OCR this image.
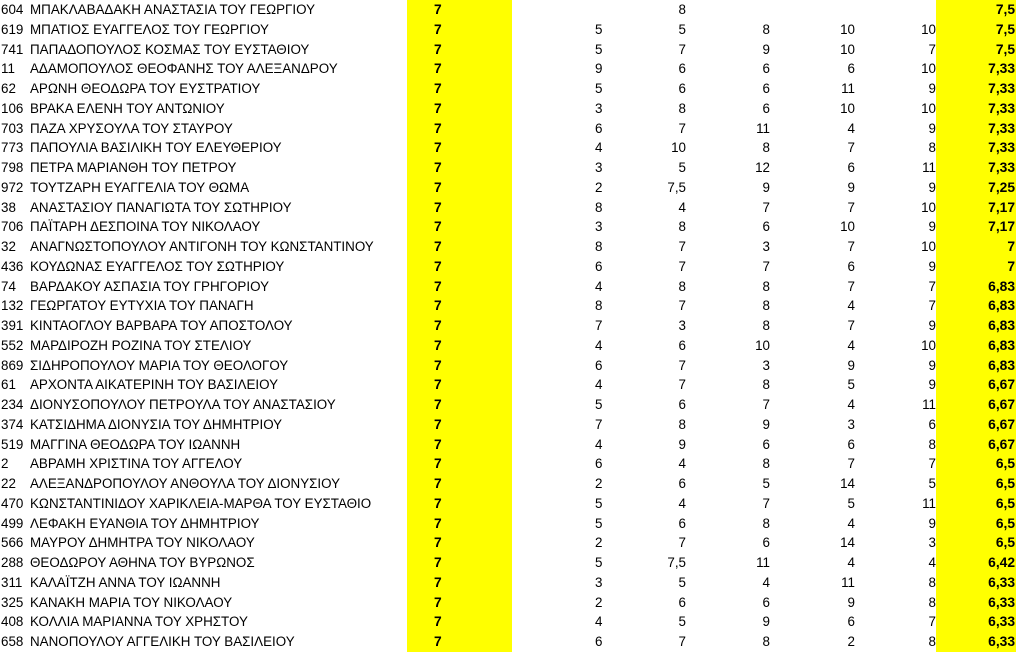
604	ΜΠΑΚΛΑΒΑΔΑΚΗ ΑΝΑΣΤΑΣΙΑ ΤΟΥ ΓΕΩΡΓΙΟΥ	7		8				7,5
619	ΜΠΑΤΙΟΣ ΕΥΑΓΓΕΛΟΣ ΤΟΥ ΓΕΩΡΓΙΟΥ	7	5	5	8	10	10	7,5
741	ΠΑΠΑΔΟΠΟΥΛΟΣ ΚΟΣΜΑΣ ΤΟΥ ΕΥΣΤΑΘΙΟΥ	7	5	7	9	10	7	7,5
11	ΑΔΑΜΟΠΟΥΛΟΣ ΘΕΟΦΑΝΗΣ ΤΟΥ ΑΛΕΞΑΝΔΡΟΥ	7	9	6	6	6	10	7,33
62	ΑΡΩΝΗ ΘΕΟΔΩΡΑ ΤΟΥ ΕΥΣΤΡΑΤΙΟΥ	7	5	6	6	11	9	7,33
106	ΒΡΑΚΑ ΕΛΕΝΗ ΤΟΥ ΑΝΤΩΝΙΟΥ	7	3	8	6	10	10	7,33
703	ΠΑΖΑ ΧΡΥΣΟΥΛΑ ΤΟΥ ΣΤΑΥΡΟΥ	7	6	7	11	4	9	7,33
773	ΠΑΠΟΥΛΙΑ ΒΑΣΙΛΙΚΗ ΤΟΥ ΕΛΕΥΘΕΡΙΟΥ	7	4	10	8	7	8	7,33
798	ΠΕΤΡΑ ΜΑΡΙΑΝΘΗ ΤΟΥ ΠΕΤΡΟΥ	7	3	5	12	6	11	7,33
972	ΤΟΥΤΖΑΡΗ ΕΥΑΓΓΕΛΙΑ ΤΟΥ ΘΩΜΑ	7	2	7,5	9	9	9	7,25
38	ΑΝΑΣΤΑΣΙΟΥ ΠΑΝΑΓΙΩΤΑ ΤΟΥ ΣΩΤΗΡΙΟΥ	7	8	4	7	7	10	7,17
706	ΠΑΪΤΑΡΗ ΔΕΣΠΟΙΝΑ ΤΟΥ ΝΙΚΟΛΑΟΥ	7	3	8	6	10	9	7,17
32	ΑΝΑΓΝΩΣΤΟΠΟΥΛΟΥ ΑΝΤΙΓΟΝΗ ΤΟΥ ΚΩΝΣΤΑΝΤΙΝΟΥ	7	8	7	3	7	10	7
436	ΚΟΥΔΩΝΑΣ ΕΥΑΓΓΕΛΟΣ ΤΟΥ ΣΩΤΗΡΙΟΥ	7	6	7	7	6	9	7
74	ΒΑΡΔΑΚΟΥ ΑΣΠΑΣΙΑ ΤΟΥ ΓΡΗΓΟΡΙΟΥ	7	4	8	8	7	7	6,83
132	ΓΕΩΡΓΑΤΟΥ ΕΥΤΥΧΙΑ ΤΟΥ ΠΑΝΑΓΗ	7	8	7	8	4	7	6,83
391	ΚΙΝΤΑΟΓΛΟΥ ΒΑΡΒΑΡΑ ΤΟΥ ΑΠΟΣΤΟΛΟΥ	7	7	3	8	7	9	6,83
552	ΜΑΡΔΙΡΟΖΗ ΡΟΖΙΝΑ ΤΟΥ ΣΤΕΛΙΟΥ	7	4	6	10	4	10	6,83
869	ΣΙΔΗΡΟΠΟΥΛΟΥ ΜΑΡΙΑ ΤΟΥ ΘΕΟΛΟΓΟΥ	7	6	7	3	9	9	6,83
61	ΑΡΧΟΝΤΑ ΑΙΚΑΤΕΡΙΝΗ ΤΟΥ ΒΑΣΙΛΕΙΟΥ	7	4	7	8	5	9	6,67
234	ΔΙΟΝΥΣΟΠΟΥΛΟΥ ΠΕΤΡΟΥΛΑ ΤΟΥ ΑΝΑΣΤΑΣΙΟΥ	7	5	6	7	4	11	6,67
374	ΚΑΤΣΙΔΗΜΑ ΔΙΟΝΥΣΙΑ ΤΟΥ ΔΗΜΗΤΡΙΟΥ	7	7	8	9	3	6	6,67
519	ΜΑΓΓΙΝΑ ΘΕΟΔΩΡΑ ΤΟΥ ΙΩΑΝΝΗ	7	4	9	6	6	8	6,67
2	ΑΒΡΑΜΗ ΧΡΙΣΤΙΝΑ ΤΟΥ ΑΓΓΕΛΟΥ	7	6	4	8	7	7	6,5
22	ΑΛΕΞΑΝΔΡΟΠΟΥΛΟΥ ΑΝΘΟΥΛΑ ΤΟΥ ΔΙΟΝΥΣΙΟΥ	7	2	6	5	14	5	6,5
470	ΚΩΝΣΤΑΝΤΙΝΙΔΟΥ ΧΑΡΙΚΛΕΙΑ-ΜΑΡΘΑ ΤΟΥ ΕΥΣΤΑΘΙΟ	7	5	4	7	5	11	6,5
499	ΛΕΦΑΚΗ ΕΥΑΝΘΙΑ ΤΟΥ ΔΗΜΗΤΡΙΟΥ	7	5	6	8	4	9	6,5
566	ΜΑΥΡΟΥ ΔΗΜΗΤΡΑ ΤΟΥ ΝΙΚΟΛΑΟΥ	7	2	7	6	14	3	6,5
288	ΘΕΟΔΩΡΟΥ ΑΘΗΝΑ ΤΟΥ ΒΥΡΩΝΟΣ	7	5	7,5	11	4	4	6,42
311	ΚΑΛΑΪΤΖΗ ΑΝΝΑ ΤΟΥ ΙΩΑΝΝΗ	7	3	5	4	11	8	6,33
325	ΚΑΝΑΚΗ ΜΑΡΙΑ ΤΟΥ ΝΙΚΟΛΑΟΥ	7	2	6	6	9	8	6,33
408	ΚΟΛΛΙΑ ΜΑΡΙΑΝΝΑ ΤΟΥ ΧΡΗΣΤΟΥ	7	4	5	9	6	7	6,33
658	ΝΑΝΟΠΟΥΛΟΥ ΑΓΓΕΛΙΚΗ ΤΟΥ ΒΑΣΙΛΕΙΟΥ	7	6	7	8	2	8	6,33
